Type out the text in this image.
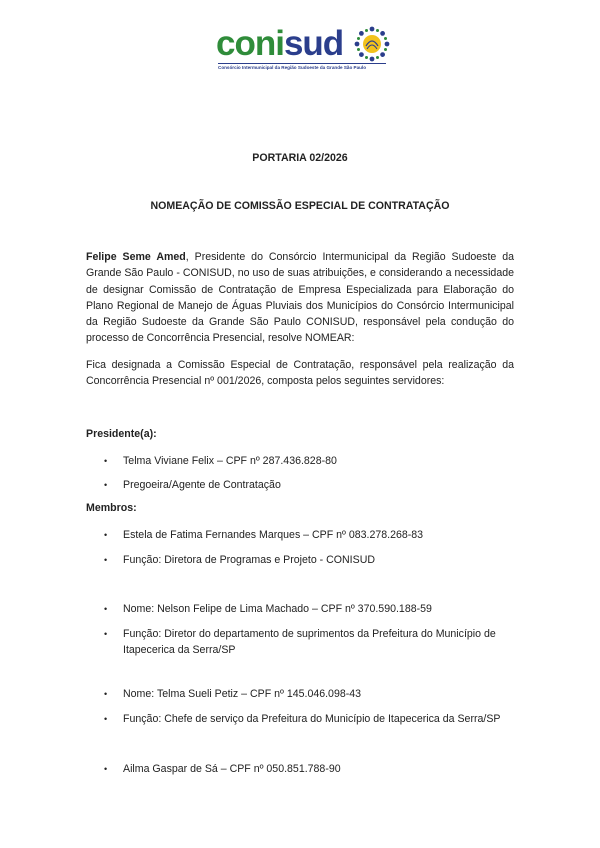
conisud
Consórcio Intermunicipal da Região Sudoeste da Grande São Paulo
PORTARIA 02/2026
NOMEAÇÃO DE COMISSÃO ESPECIAL DE CONTRATAÇÃO
Felipe Seme Amed, Presidente do Consórcio Intermunicipal da Região Sudoeste da Grande São Paulo - CONISUD, no uso de suas atribuições, e considerando a necessidade de designar Comissão de Contratação de Empresa Especializada para Elaboração do Plano Regional de Manejo de Águas Pluviais dos Municípios do Consórcio Intermunicipal da Região Sudoeste da Grande São Paulo CONISUD, responsável pela condução do processo de Concorrência Presencial, resolve NOMEAR:
Fica designada a Comissão Especial de Contratação, responsável pela realização da Concorrência Presencial nº 001/2026, composta pelos seguintes servidores:
Presidente(a):
• Telma Viviane Felix – CPF nº 287.436.828-80
• Pregoeira/Agente de Contratação
Membros:
• Estela de Fatima Fernandes Marques – CPF nº 083.278.268-83
• Função: Diretora de Programas e Projeto - CONISUD
• Nome: Nelson Felipe de Lima Machado – CPF nº 370.590.188-59
• Função: Diretor do departamento de suprimentos da Prefeitura do Município de Itapecerica da Serra/SP
• Nome: Telma Sueli Petiz – CPF nº 145.046.098-43
• Função: Chefe de serviço da Prefeitura do Município de Itapecerica da Serra/SP
• Ailma Gaspar de Sá – CPF nº 050.851.788-90
